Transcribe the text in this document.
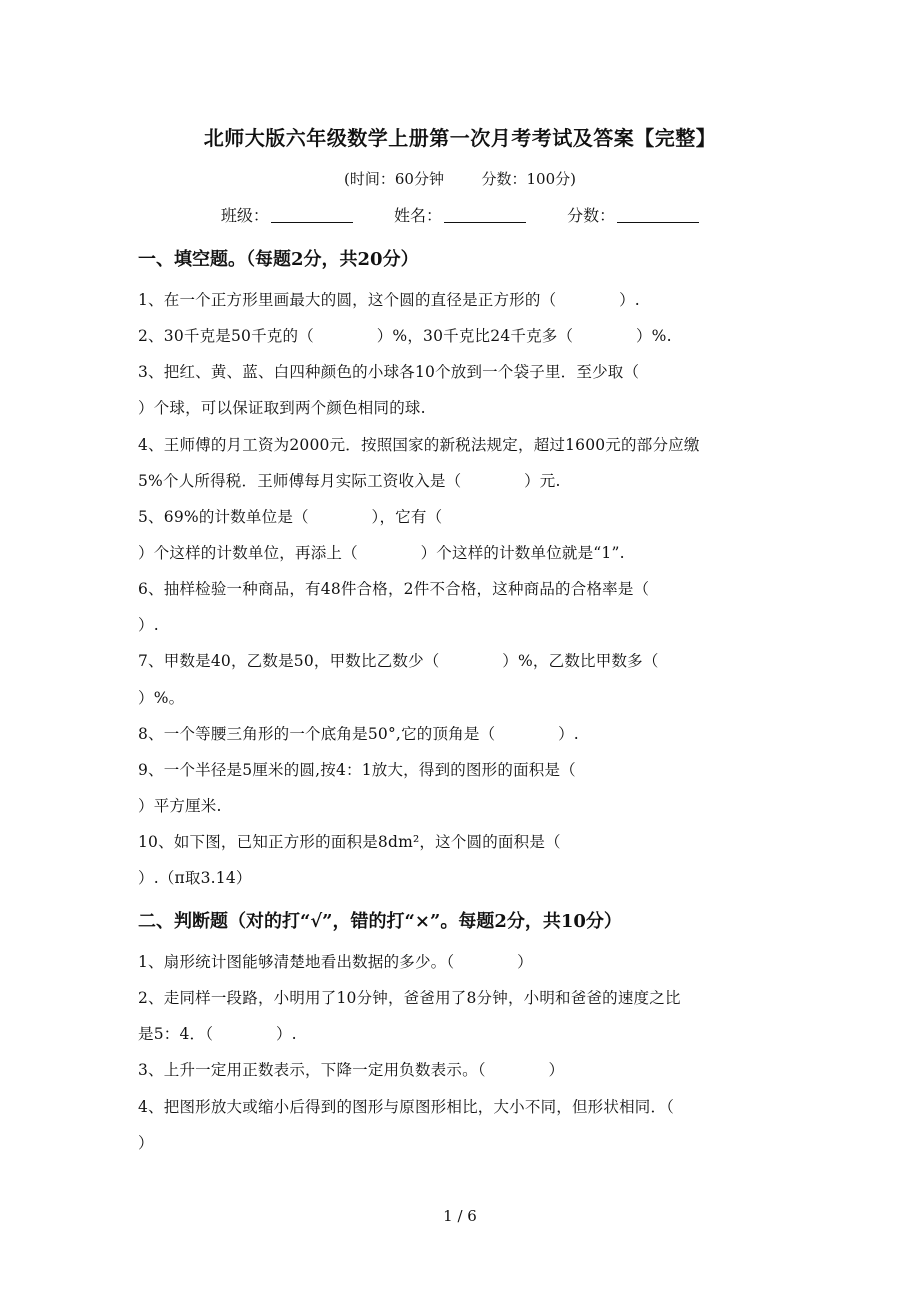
北师大版六年级数学上册第一次月考考试及答案【完整】
(时间：60分钟	分数：100分)
班级：	姓名：	分数：
一、填空题。（每题2分，共20分）
1、在一个正方形里画最大的圆，这个圆的直径是正方形的（　　　　）.
2、30千克是50千克的（　　　　）%，30千克比24千克多（　　　　）%.
3、把红、黄、蓝、白四种颜色的小球各10个放到一个袋子里．至少取（
）个球，可以保证取到两个颜色相同的球.
4、王师傅的月工资为2000元．按照国家的新税法规定，超过1600元的部分应缴
5%个人所得税．王师傅每月实际工资收入是（　　　　）元.
5、69%的计数单位是（　　　　），它有（
）个这样的计数单位，再添上（　　　　）个这样的计数单位就是“1”.
6、抽样检验一种商品，有48件合格，2件不合格，这种商品的合格率是（
）.
7、甲数是40，乙数是50，甲数比乙数少（　　　　）%，乙数比甲数多（
）%。
8、一个等腰三角形的一个底角是50°,它的顶角是（　　　　）.
9、一个半径是5厘米的圆,按4：1放大，得到的图形的面积是（
）平方厘米.
10、如下图，已知正方形的面积是8dm²，这个圆的面积是（
）.（π取3.14）
二、判断题（对的打“√”，错的打“×”。每题2分，共10分）
1、扇形统计图能够清楚地看出数据的多少。（　　　　）
2、走同样一段路，小明用了10分钟，爸爸用了8分钟，小明和爸爸的速度之比
是5：4．（　　　　）.
3、上升一定用正数表示，下降一定用负数表示。（　　　　）
4、把图形放大或缩小后得到的图形与原图形相比，大小不同，但形状相同．（
）
1 / 6
